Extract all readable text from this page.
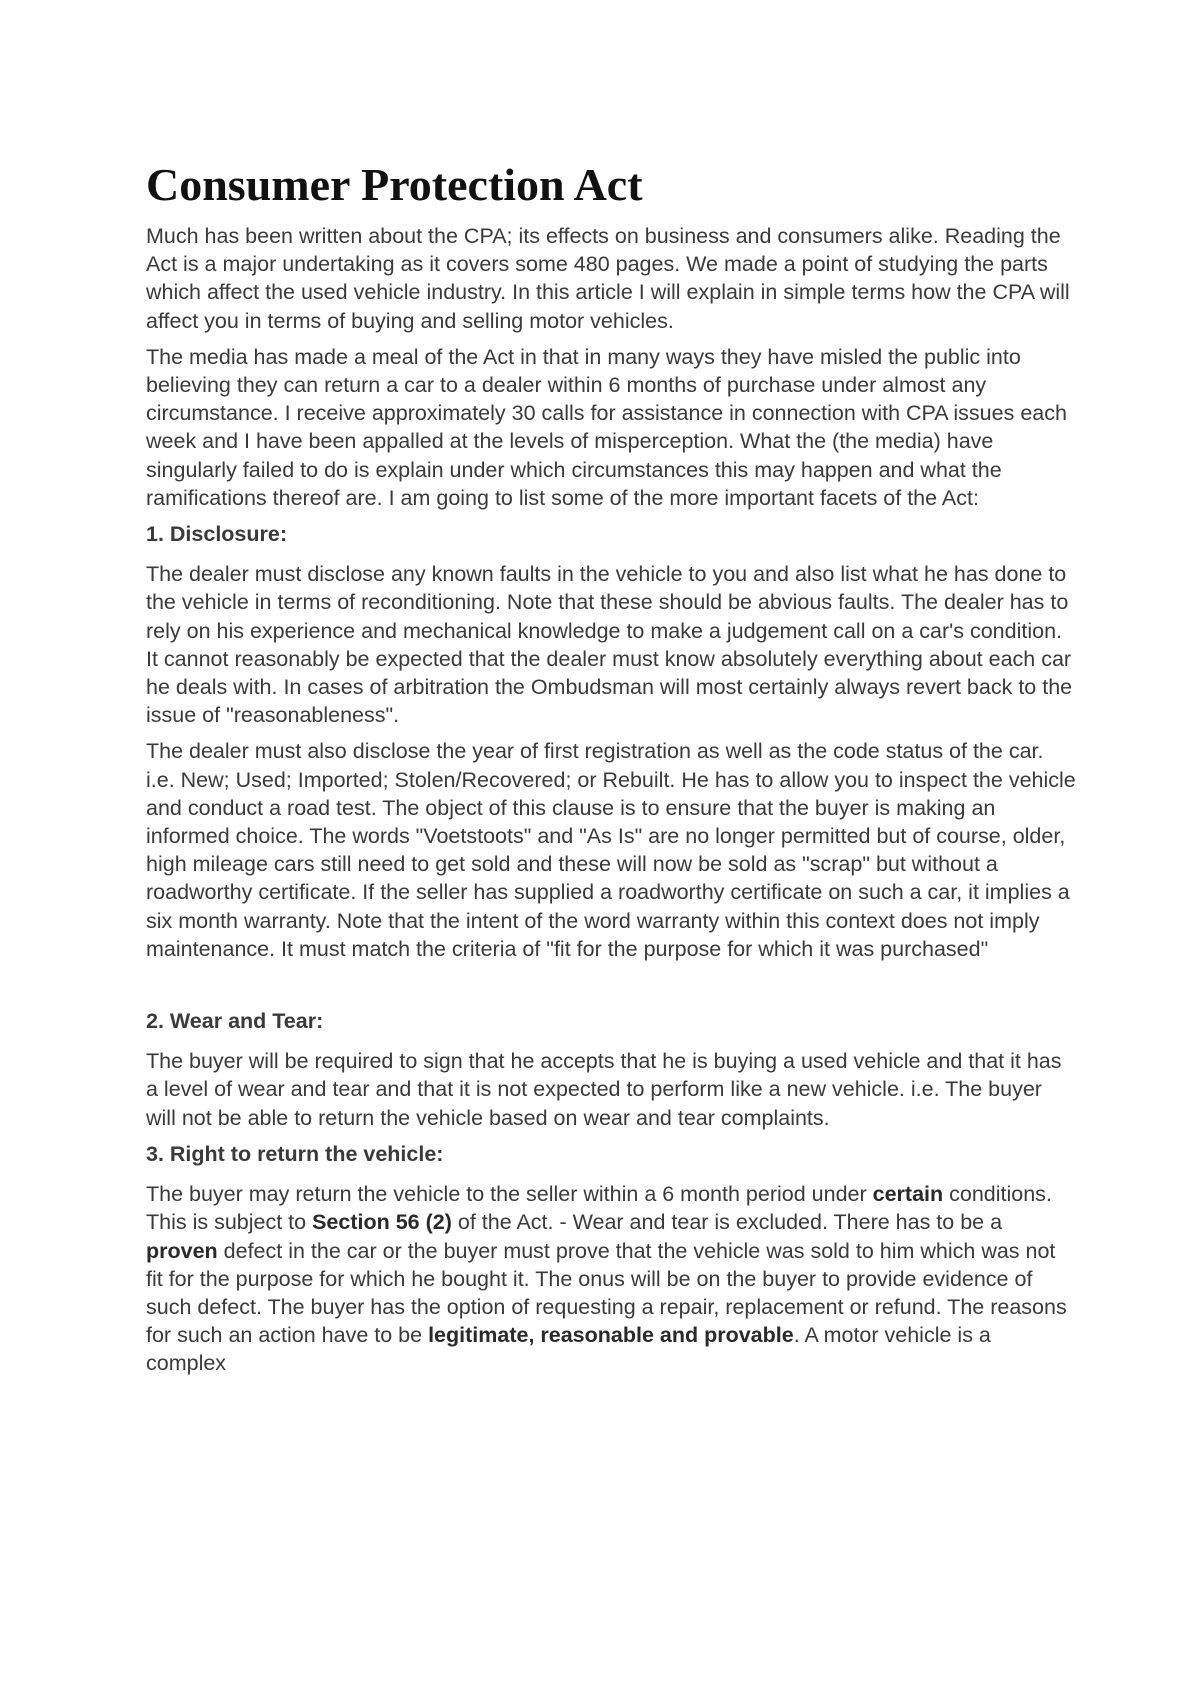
Consumer Protection Act

Much has been written about the CPA; its effects on business and consumers alike. Reading the Act is a major undertaking as it covers some 480 pages. We made a point of studying the parts which affect the used vehicle industry. In this article I will explain in simple terms how the CPA will affect you in terms of buying and selling motor vehicles.

The media has made a meal of the Act in that in many ways they have misled the public into believing they can return a car to a dealer within 6 months of purchase under almost any circumstance. I receive approximately 30 calls for assistance in connection with CPA issues each week and I have been appalled at the levels of misperception. What the (the media) have singularly failed to do is explain under which circumstances this may happen and what the ramifications thereof are. I am going to list some of the more important facets of the Act:

1. Disclosure:

The dealer must disclose any known faults in the vehicle to you and also list what he has done to the vehicle in terms of reconditioning. Note that these should be abvious faults. The dealer has to rely on his experience and mechanical knowledge to make a judgement call on a car's condition. It cannot reasonably be expected that the dealer must know absolutely everything about each car he deals with. In cases of arbitration the Ombudsman will most certainly always revert back to the issue of "reasonableness".

The dealer must also disclose the year of first registration as well as the code status of the car. i.e. New; Used; Imported; Stolen/Recovered; or Rebuilt. He has to allow you to inspect the vehicle and conduct a road test. The object of this clause is to ensure that the buyer is making an informed choice. The words "Voetstoots" and "As Is" are no longer permitted but of course, older, high mileage cars still need to get sold and these will now be sold as "scrap" but without a roadworthy certificate. If the seller has supplied a roadworthy certificate on such a car, it implies a six month warranty. Note that the intent of the word warranty within this context does not imply maintenance. It must match the criteria of "fit for the purpose for which it was purchased"

2. Wear and Tear:

The buyer will be required to sign that he accepts that he is buying a used vehicle and that it has a level of wear and tear and that it is not expected to perform like a new vehicle. i.e. The buyer will not be able to return the vehicle based on wear and tear complaints.

3. Right to return the vehicle:

The buyer may return the vehicle to the seller within a 6 month period under certain conditions. This is subject to Section 56 (2) of the Act. - Wear and tear is excluded. There has to be a proven defect in the car or the buyer must prove that the vehicle was sold to him which was not fit for the purpose for which he bought it. The onus will be on the buyer to provide evidence of such defect. The buyer has the option of requesting a repair, replacement or refund. The reasons for such an action have to be legitimate, reasonable and provable. A motor vehicle is a complex
